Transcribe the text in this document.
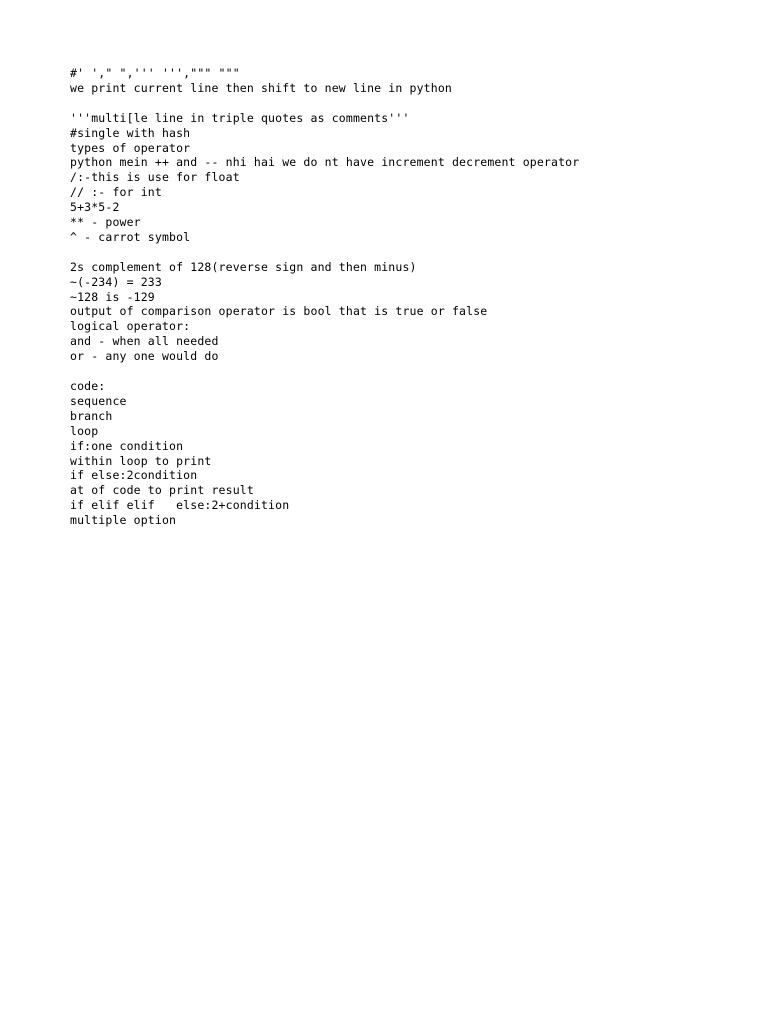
#' '," ",''' ''',""" """
we print current line then shift to new line in python
'''multi[le line in triple quotes as comments'''
#single with hash
types of operator
python mein ++ and -- nhi hai we do nt have increment decrement operator
/:-this is use for float
// :- for int
5+3*5-2
** - power
^ - carrot symbol
2s complement of 128(reverse sign and then minus)
~(-234) = 233
~128 is -129
output of comparison operator is bool that is true or false
logical operator:
and - when all needed
or - any one would do
code:
sequence
branch
loop
if:one condition
within loop to print
if else:2condition
at of code to print result
if elif elif   else:2+condition
multiple option
